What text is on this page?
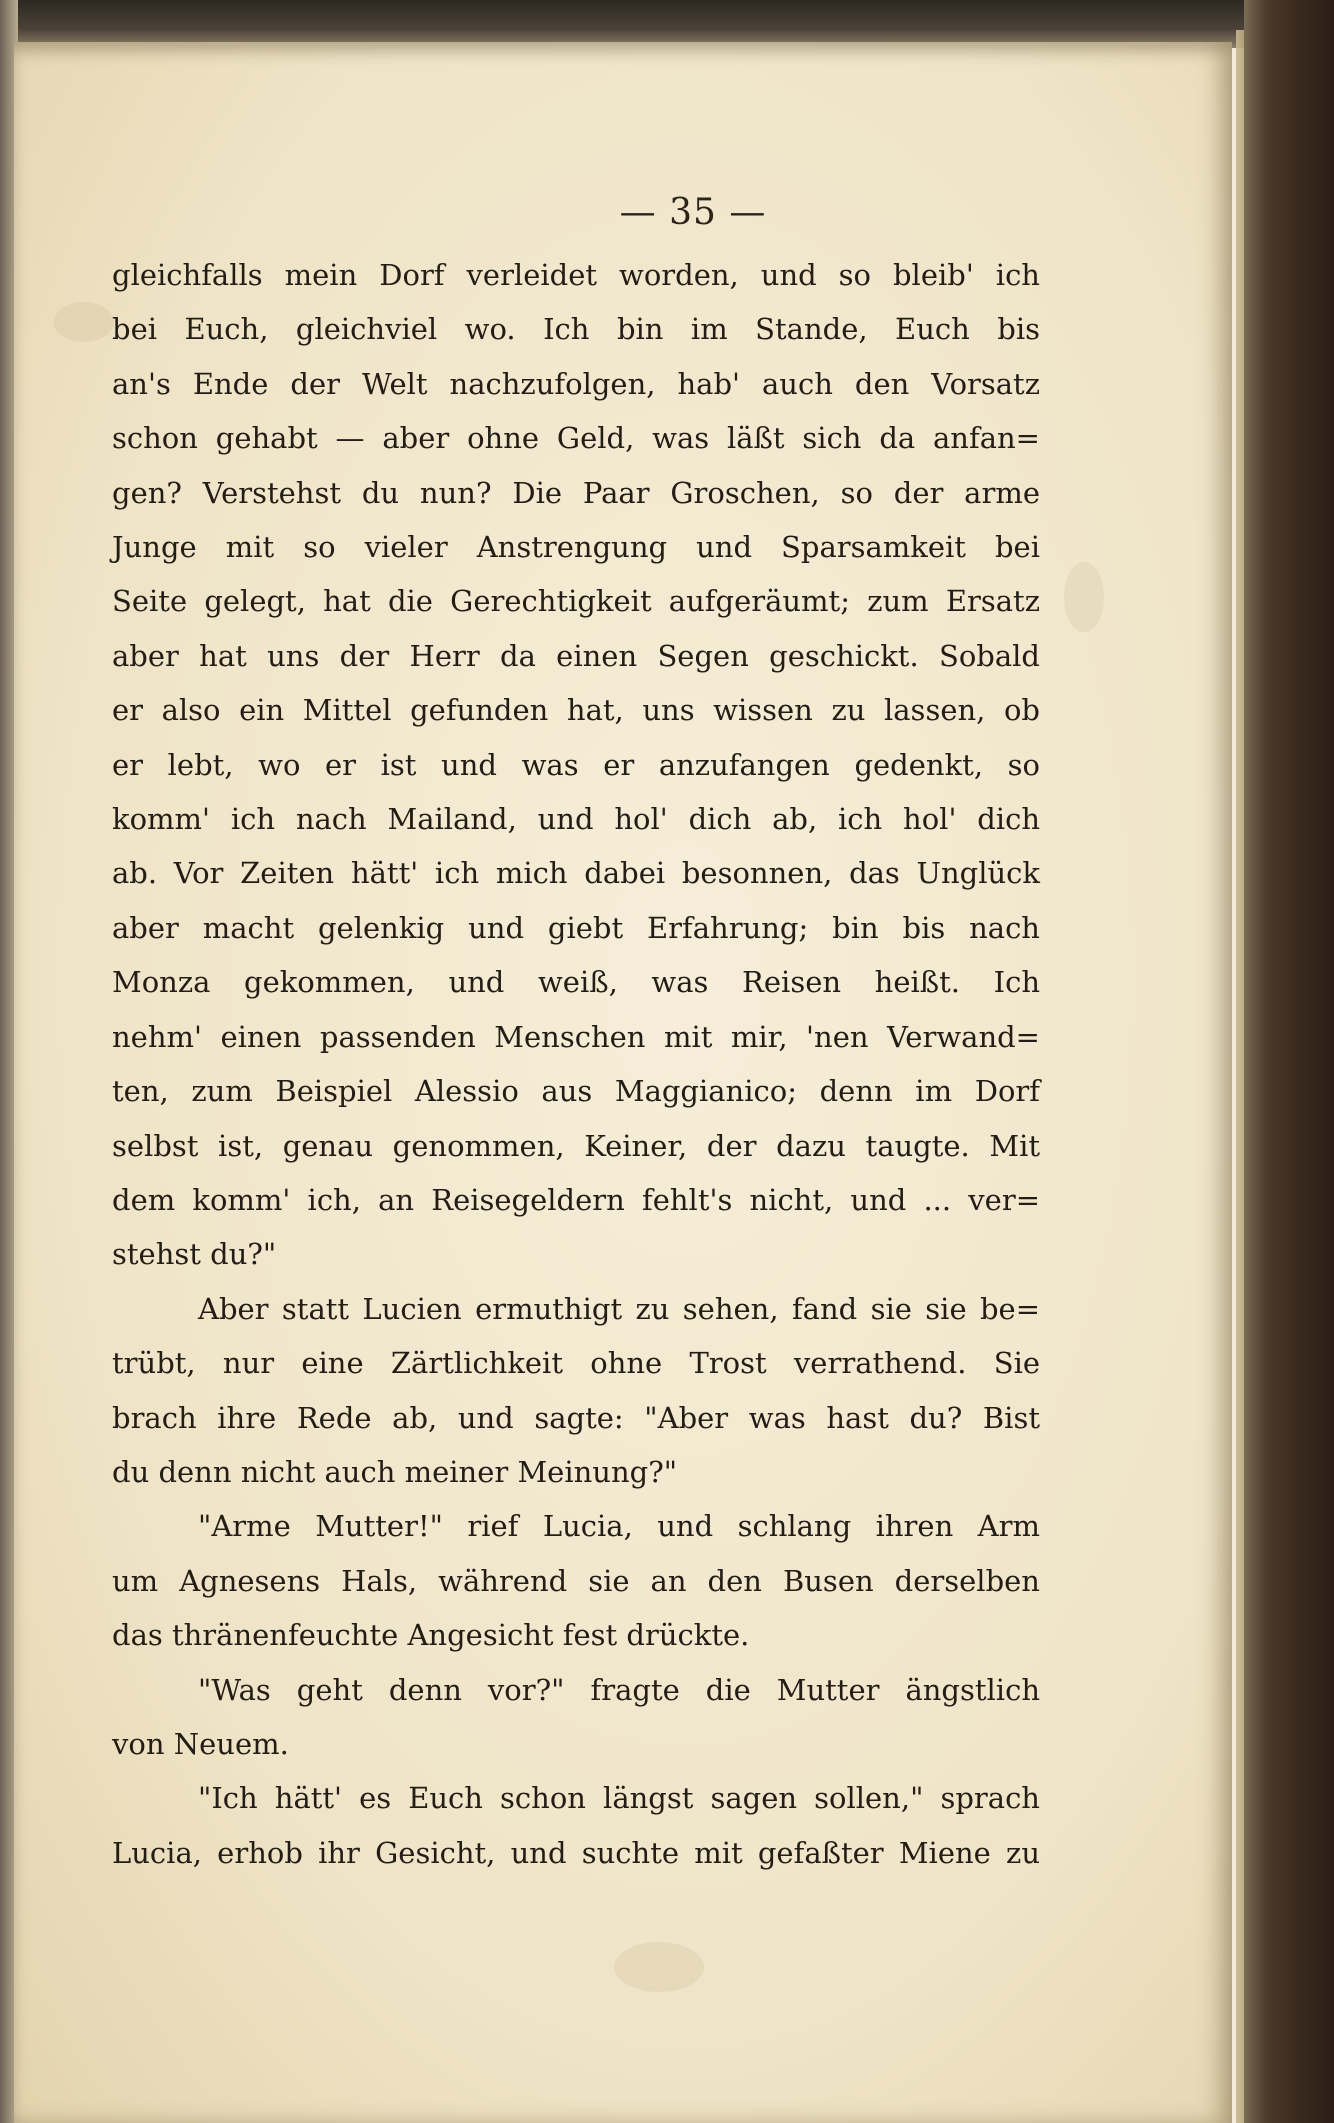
— 35 —
gleichfalls mein Dorf verleidet worden, und so bleib' ich
bei Euch, gleichviel wo. Ich bin im Stande, Euch bis
an's Ende der Welt nachzufolgen, hab' auch den Vorsatz
schon gehabt — aber ohne Geld, was läßt sich da anfan=
gen? Verstehst du nun? Die Paar Groschen, so der arme
Junge mit so vieler Anstrengung und Sparsamkeit bei
Seite gelegt, hat die Gerechtigkeit aufgeräumt; zum Ersatz
aber hat uns der Herr da einen Segen geschickt. Sobald
er also ein Mittel gefunden hat, uns wissen zu lassen, ob
er lebt, wo er ist und was er anzufangen gedenkt, so
komm' ich nach Mailand, und hol' dich ab, ich hol' dich
ab. Vor Zeiten hätt' ich mich dabei besonnen, das Unglück
aber macht gelenkig und giebt Erfahrung; bin bis nach
Monza gekommen, und weiß, was Reisen heißt. Ich
nehm' einen passenden Menschen mit mir, 'nen Verwand=
ten, zum Beispiel Alessio aus Maggianico; denn im Dorf
selbst ist, genau genommen, Keiner, der dazu taugte. Mit
dem komm' ich, an Reisegeldern fehlt's nicht, und ... ver=
stehst du?"
Aber statt Lucien ermuthigt zu sehen, fand sie sie be=
trübt, nur eine Zärtlichkeit ohne Trost verrathend. Sie
brach ihre Rede ab, und sagte: "Aber was hast du? Bist
du denn nicht auch meiner Meinung?"
"Arme Mutter!" rief Lucia, und schlang ihren Arm
um Agnesens Hals, während sie an den Busen derselben
das thränenfeuchte Angesicht fest drückte.
"Was geht denn vor?" fragte die Mutter ängstlich
von Neuem.
"Ich hätt' es Euch schon längst sagen sollen," sprach
Lucia, erhob ihr Gesicht, und suchte mit gefaßter Miene zu
